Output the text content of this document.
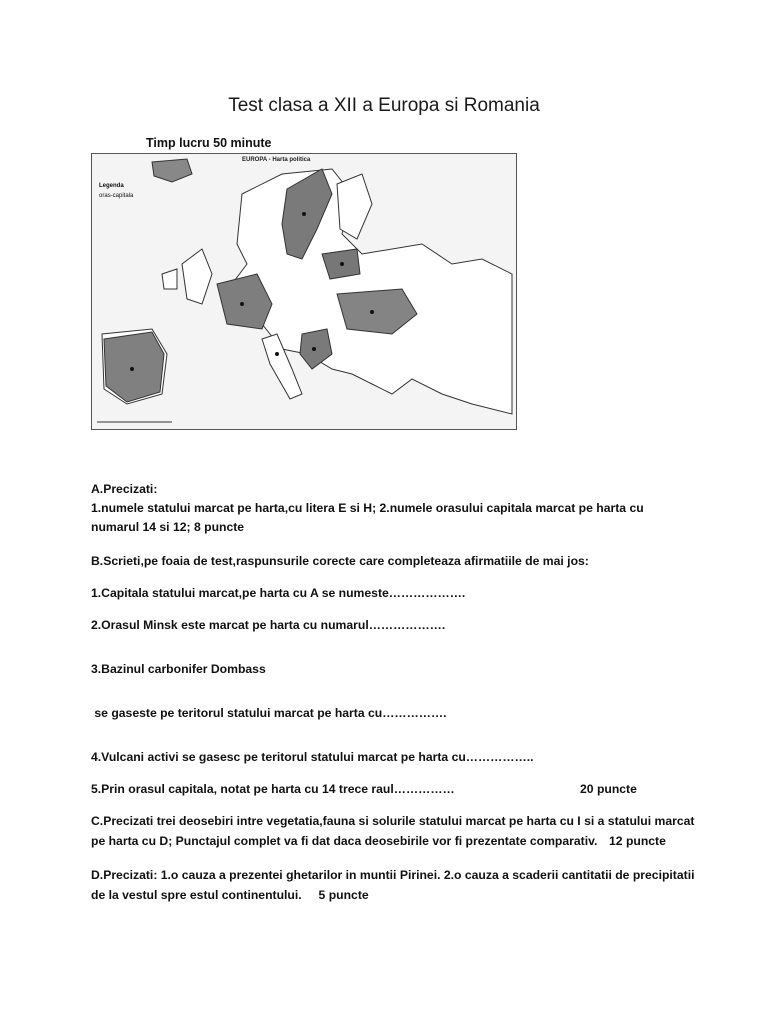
Test clasa a XII a Europa si Romania
Timp lucru 50 minute
EUROPA - Harta politica
Legenda
oras-capitala

A.Precizati:

1.numele statului marcat pe harta,cu litera E si H; 2.numele orasului capitala marcat pe harta cu

numarul 14 si 12; 8 puncte

B.Scrieti,pe foaia de test,raspunsurile corecte care completeaza afirmatiile de mai jos:

1.Capitala statului marcat,pe harta cu A se numeste……………….

2.Orasul Minsk este marcat pe harta cu numarul……………….

3.Bazinul carbonifer Dombass

se gaseste pe teritorul statului marcat pe harta cu…………….

4.Vulcani activi se gasesc pe teritorul statului marcat pe harta cu……………..

5.Prin orasul capitala, notat pe harta cu 14 trece raul……………	20 puncte

C.Precizati trei deosebiri intre vegetatia,fauna si solurile statului marcat pe harta cu I si a statului marcat

pe harta cu D; Punctajul complet va fi dat daca deosebirile vor fi prezentate comparativ. 12 puncte

D.Precizati: 1.o cauza a prezentei ghetarilor in muntii Pirinei. 2.o cauza a scaderii cantitatii de precipitatii

de la vestul spre estul continentului.     5 puncte
